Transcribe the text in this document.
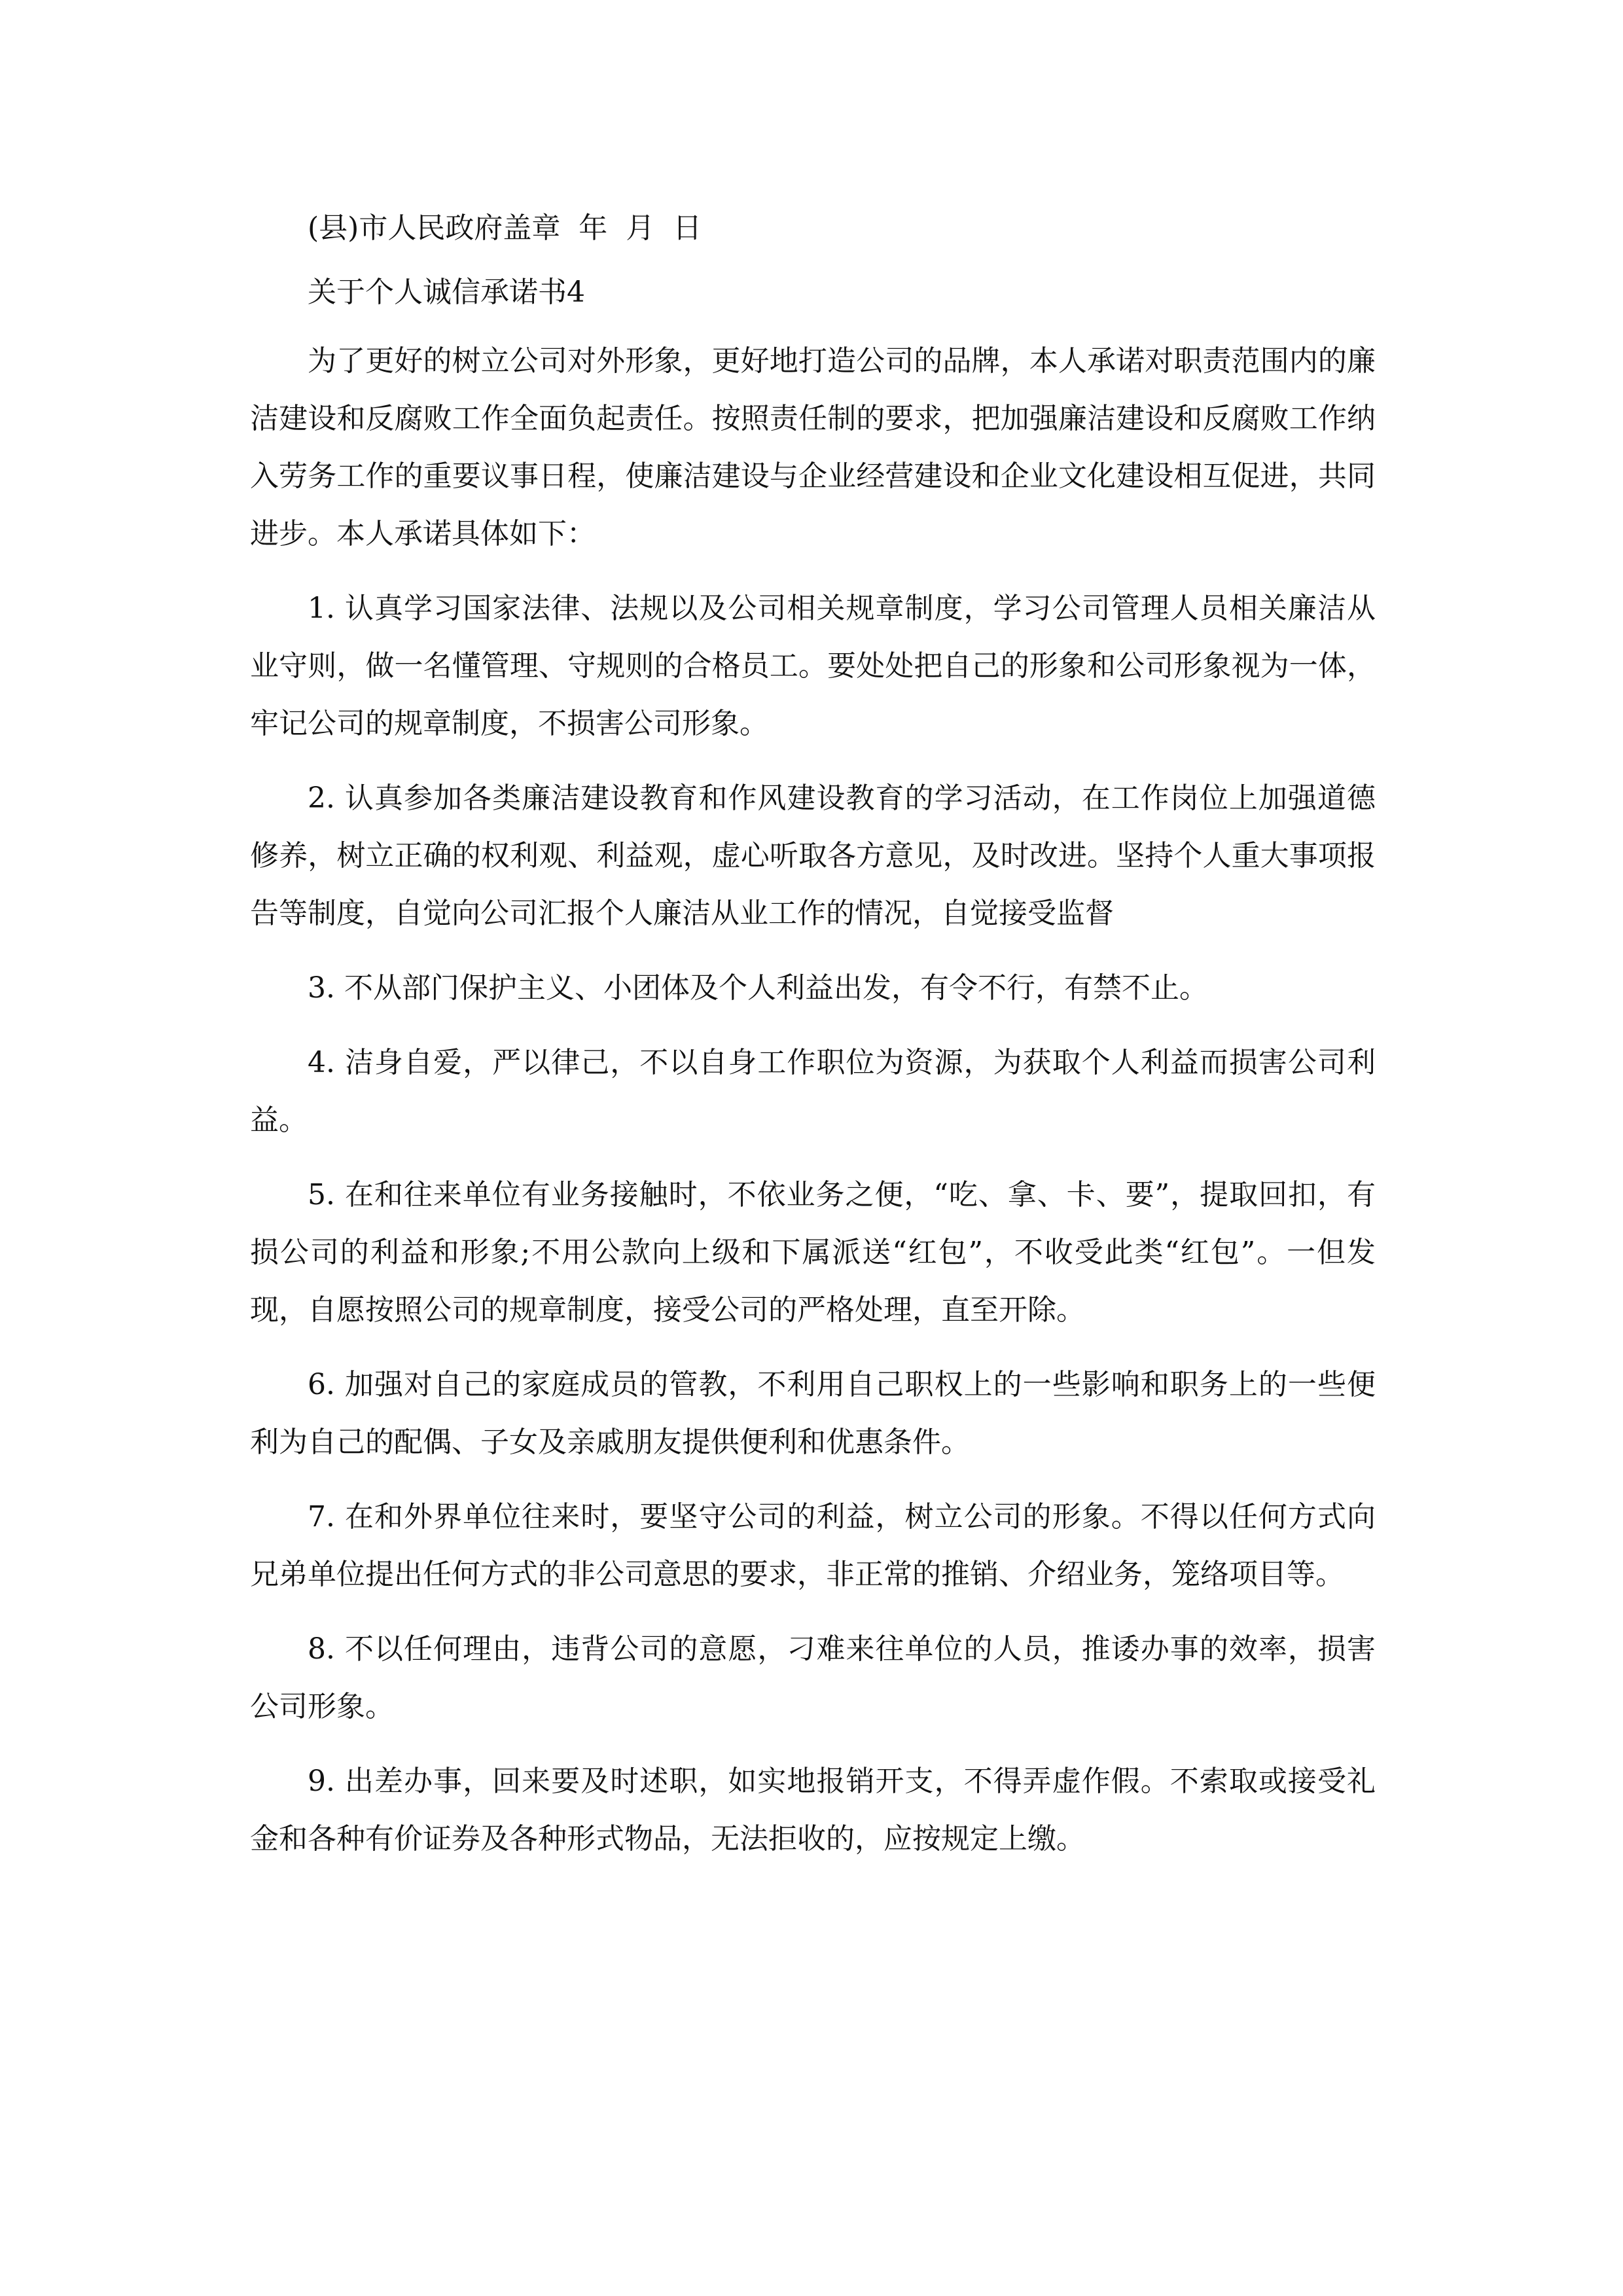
(县)市人民政府盖章  年  月  日

关于个人诚信承诺书4

为了更好的树立公司对外形象，更好地打造公司的品牌，本人承诺对职责范围内的廉洁建设和反腐败工作全面负起责任。按照责任制的要求，把加强廉洁建设和反腐败工作纳入劳务工作的重要议事日程，使廉洁建设与企业经营建设和企业文化建设相互促进，共同进步。本人承诺具体如下：

1. 认真学习国家法律、法规以及公司相关规章制度，学习公司管理人员相关廉洁从业守则，做一名懂管理、守规则的合格员工。要处处把自己的形象和公司形象视为一体，牢记公司的规章制度，不损害公司形象。

2. 认真参加各类廉洁建设教育和作风建设教育的学习活动，在工作岗位上加强道德修养，树立正确的权利观、利益观，虚心听取各方意见，及时改进。坚持个人重大事项报告等制度，自觉向公司汇报个人廉洁从业工作的情况，自觉接受监督

3. 不从部门保护主义、小团体及个人利益出发，有令不行，有禁不止。

4. 洁身自爱，严以律己，不以自身工作职位为资源，为获取个人利益而损害公司利益。

5. 在和往来单位有业务接触时，不依业务之便，“吃、拿、卡、要”，提取回扣，有损公司的利益和形象;不用公款向上级和下属派送“红包”，不收受此类“红包”。一但发现，自愿按照公司的规章制度，接受公司的严格处理，直至开除。

6. 加强对自己的家庭成员的管教，不利用自己职权上的一些影响和职务上的一些便利为自己的配偶、子女及亲戚朋友提供便利和优惠条件。

7. 在和外界单位往来时，要坚守公司的利益，树立公司的形象。不得以任何方式向兄弟单位提出任何方式的非公司意思的要求，非正常的推销、介绍业务，笼络项目等。

8. 不以任何理由，违背公司的意愿，刁难来往单位的人员，推诿办事的效率，损害公司形象。

9. 出差办事，回来要及时述职，如实地报销开支，不得弄虚作假。不索取或接受礼金和各种有价证券及各种形式物品，无法拒收的，应按规定上缴。
